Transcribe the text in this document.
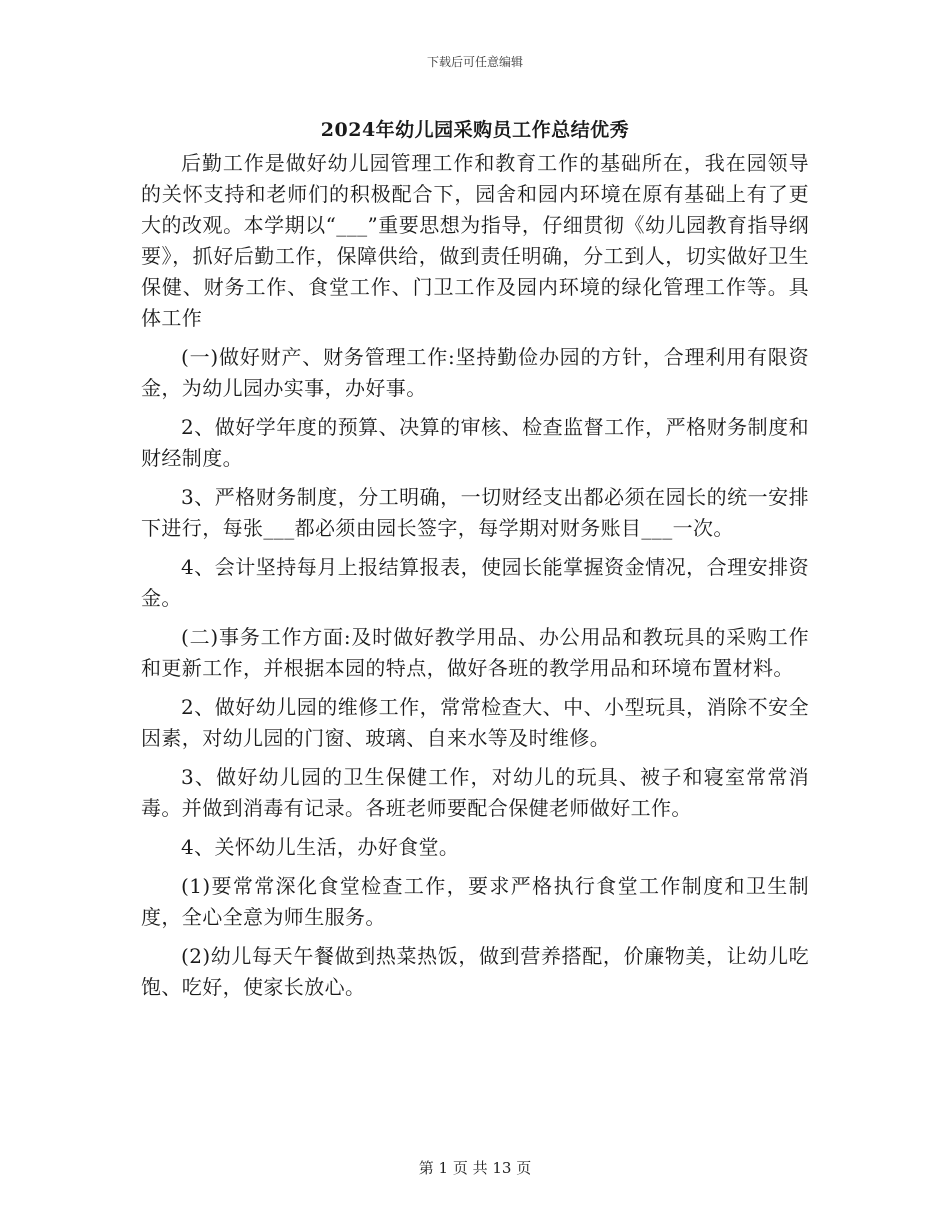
下载后可任意编辑
2024年幼儿园采购员工作总结优秀

后勤工作是做好幼儿园管理工作和教育工作的基础所在，我在园领导的关怀支持和老师们的积极配合下，园舍和园内环境在原有基础上有了更大的改观。本学期以“___”重要思想为指导，仔细贯彻《幼儿园教育指导纲要》，抓好后勤工作，保障供给，做到责任明确，分工到人，切实做好卫生保健、财务工作、食堂工作、门卫工作及园内环境的绿化管理工作等。具体工作

(一)做好财产、财务管理工作:坚持勤俭办园的方针，合理利用有限资金，为幼儿园办实事，办好事。

2、做好学年度的预算、决算的审核、检查监督工作，严格财务制度和财经制度。

3、严格财务制度，分工明确，一切财经支出都必须在园长的统一安排下进行，每张___都必须由园长签字，每学期对财务账目___一次。

4、会计坚持每月上报结算报表，使园长能掌握资金情况，合理安排资金。

(二)事务工作方面:及时做好教学用品、办公用品和教玩具的采购工作和更新工作，并根据本园的特点，做好各班的教学用品和环境布置材料。

2、做好幼儿园的维修工作，常常检查大、中、小型玩具，消除不安全因素，对幼儿园的门窗、玻璃、自来水等及时维修。

3、做好幼儿园的卫生保健工作，对幼儿的玩具、被子和寝室常常消毒。并做到消毒有记录。各班老师要配合保健老师做好工作。

4、关怀幼儿生活，办好食堂。

(1)要常常深化食堂检查工作，要求严格执行食堂工作制度和卫生制度，全心全意为师生服务。

(2)幼儿每天午餐做到热菜热饭，做到营养搭配，价廉物美，让幼儿吃饱、吃好，使家长放心。

第 1 页 共 13 页
